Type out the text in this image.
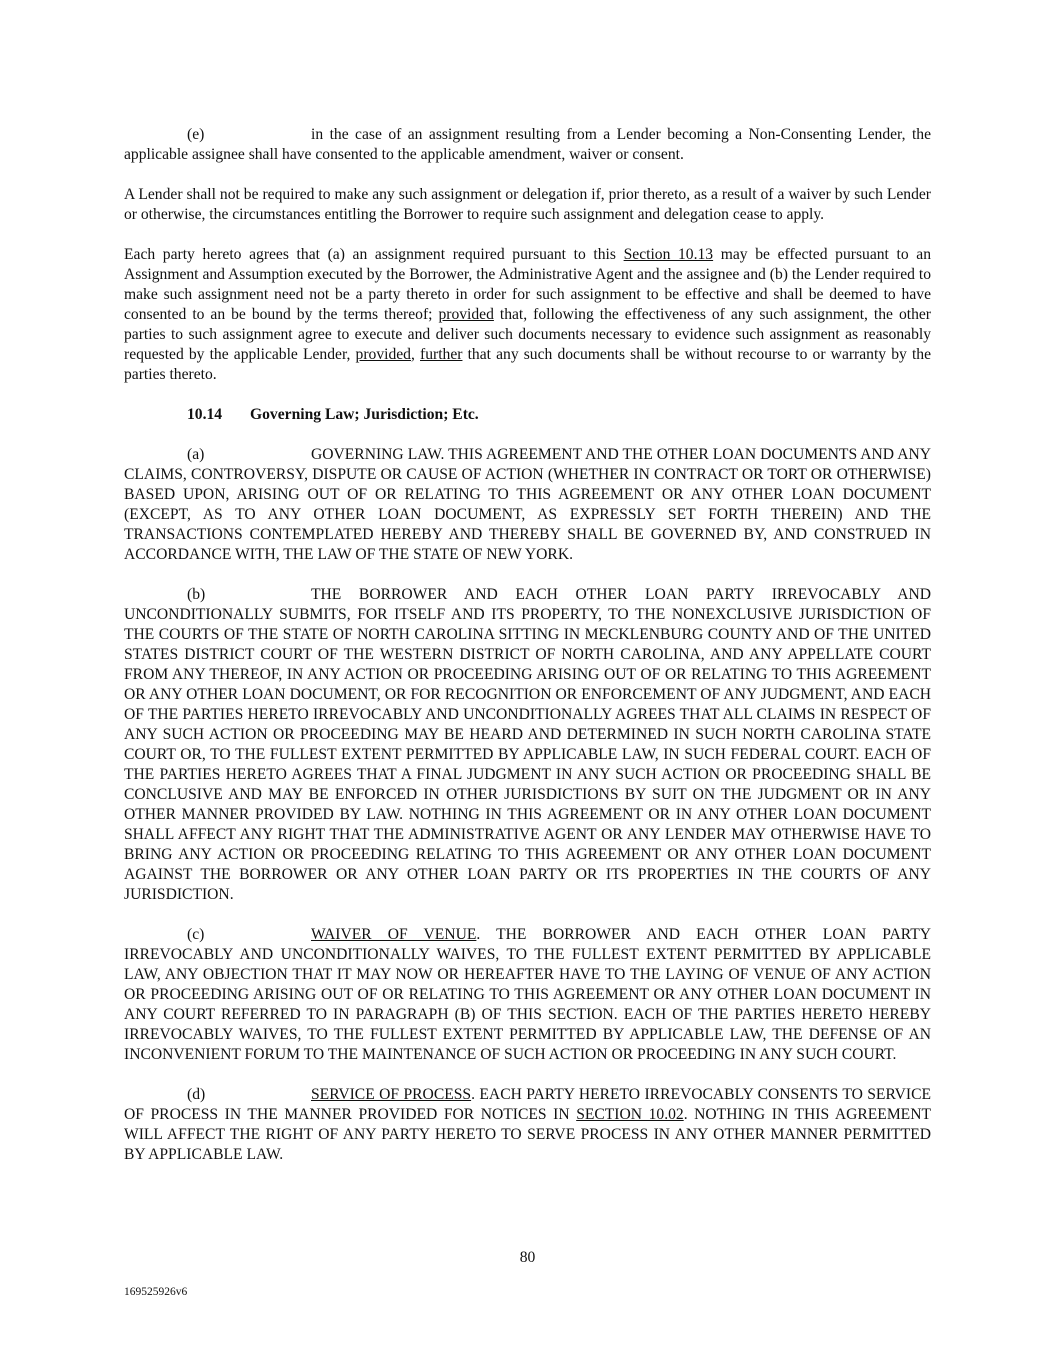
(e)	in the case of an assignment resulting from a Lender becoming a Non-Consenting Lender, the applicable assignee shall have consented to the applicable amendment, waiver or consent.

A Lender shall not be required to make any such assignment or delegation if, prior thereto, as a result of a waiver by such Lender or otherwise, the circumstances entitling the Borrower to require such assignment and delegation cease to apply.

Each party hereto agrees that (a) an assignment required pursuant to this Section 10.13 may be effected pursuant to an Assignment and Assumption executed by the Borrower, the Administrative Agent and the assignee and (b) the Lender required to make such assignment need not be a party thereto in order for such assignment to be effective and shall be deemed to have consented to an be bound by the terms thereof; provided that, following the effectiveness of any such assignment, the other parties to such assignment agree to execute and deliver such documents necessary to evidence such assignment as reasonably requested by the applicable Lender, provided, further that any such documents shall be without recourse to or warranty by the parties thereto.

10.14 Governing Law; Jurisdiction; Etc.

(a)	GOVERNING LAW. THIS AGREEMENT AND THE OTHER LOAN DOCUMENTS AND ANY CLAIMS, CONTROVERSY, DISPUTE OR CAUSE OF ACTION (WHETHER IN CONTRACT OR TORT OR OTHERWISE) BASED UPON, ARISING OUT OF OR RELATING TO THIS AGREEMENT OR ANY OTHER LOAN DOCUMENT (EXCEPT, AS TO ANY OTHER LOAN DOCUMENT, AS EXPRESSLY SET FORTH THEREIN) AND THE TRANSACTIONS CONTEMPLATED HEREBY AND THEREBY SHALL BE GOVERNED BY, AND CONSTRUED IN ACCORDANCE WITH, THE LAW OF THE STATE OF NEW YORK.

(b)	THE BORROWER AND EACH OTHER LOAN PARTY IRREVOCABLY AND UNCONDITIONALLY SUBMITS, FOR ITSELF AND ITS PROPERTY, TO THE NONEXCLUSIVE JURISDICTION OF THE COURTS OF THE STATE OF NORTH CAROLINA SITTING IN MECKLENBURG COUNTY AND OF THE UNITED STATES DISTRICT COURT OF THE WESTERN DISTRICT OF NORTH CAROLINA, AND ANY APPELLATE COURT FROM ANY THEREOF, IN ANY ACTION OR PROCEEDING ARISING OUT OF OR RELATING TO THIS AGREEMENT OR ANY OTHER LOAN DOCUMENT, OR FOR RECOGNITION OR ENFORCEMENT OF ANY JUDGMENT, AND EACH OF THE PARTIES HERETO IRREVOCABLY AND UNCONDITIONALLY AGREES THAT ALL CLAIMS IN RESPECT OF ANY SUCH ACTION OR PROCEEDING MAY BE HEARD AND DETERMINED IN SUCH NORTH CAROLINA STATE COURT OR, TO THE FULLEST EXTENT PERMITTED BY APPLICABLE LAW, IN SUCH FEDERAL COURT. EACH OF THE PARTIES HERETO AGREES THAT A FINAL JUDGMENT IN ANY SUCH ACTION OR PROCEEDING SHALL BE CONCLUSIVE AND MAY BE ENFORCED IN OTHER JURISDICTIONS BY SUIT ON THE JUDGMENT OR IN ANY OTHER MANNER PROVIDED BY LAW. NOTHING IN THIS AGREEMENT OR IN ANY OTHER LOAN DOCUMENT SHALL AFFECT ANY RIGHT THAT THE ADMINISTRATIVE AGENT OR ANY LENDER MAY OTHERWISE HAVE TO BRING ANY ACTION OR PROCEEDING RELATING TO THIS AGREEMENT OR ANY OTHER LOAN DOCUMENT AGAINST THE BORROWER OR ANY OTHER LOAN PARTY OR ITS PROPERTIES IN THE COURTS OF ANY JURISDICTION.

(c)	WAIVER OF VENUE. THE BORROWER AND EACH OTHER LOAN PARTY IRREVOCABLY AND UNCONDITIONALLY WAIVES, TO THE FULLEST EXTENT PERMITTED BY APPLICABLE LAW, ANY OBJECTION THAT IT MAY NOW OR HEREAFTER HAVE TO THE LAYING OF VENUE OF ANY ACTION OR PROCEEDING ARISING OUT OF OR RELATING TO THIS AGREEMENT OR ANY OTHER LOAN DOCUMENT IN ANY COURT REFERRED TO IN PARAGRAPH (B) OF THIS SECTION. EACH OF THE PARTIES HERETO HEREBY IRREVOCABLY WAIVES, TO THE FULLEST EXTENT PERMITTED BY APPLICABLE LAW, THE DEFENSE OF AN INCONVENIENT FORUM TO THE MAINTENANCE OF SUCH ACTION OR PROCEEDING IN ANY SUCH COURT.

(d)	SERVICE OF PROCESS. EACH PARTY HERETO IRREVOCABLY CONSENTS TO SERVICE OF PROCESS IN THE MANNER PROVIDED FOR NOTICES IN SECTION 10.02. NOTHING IN THIS AGREEMENT WILL AFFECT THE RIGHT OF ANY PARTY HERETO TO SERVE PROCESS IN ANY OTHER MANNER PERMITTED BY APPLICABLE LAW.

80
169525926v6
